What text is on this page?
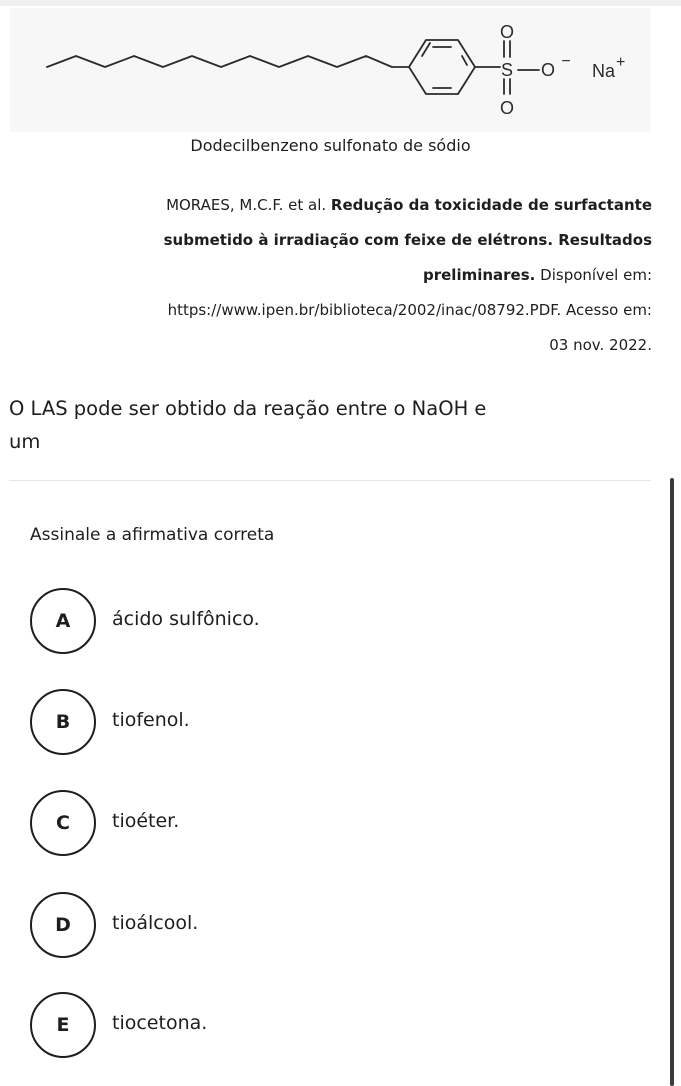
O
S
O
O − Na +
Dodecilbenzeno sulfonato de sódio
MORAES, M.C.F. et al. Redução da toxicidade de surfactante
submetido à irradiação com feixe de elétrons. Resultados
preliminares. Disponível em:
https://www.ipen.br/biblioteca/2002/inac/08792.PDF. Acesso em:
03 nov. 2022.
O LAS pode ser obtido da reação entre o NaOH e
um
Assinale a afirmativa correta
A	ácido sulfônico.
B	tiofenol.
C	tioéter.
D	tioálcool.
E	tiocetona.
